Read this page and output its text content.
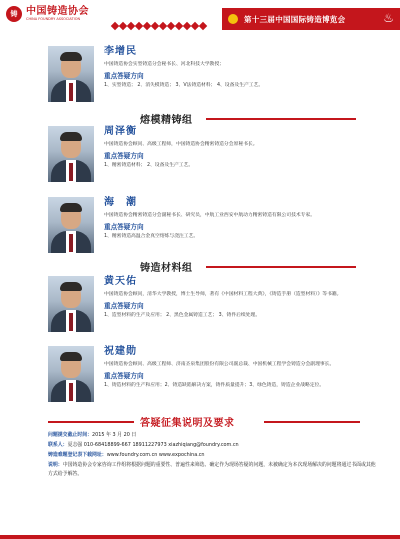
铸 中国铸造协会
CHINA FOUNDRY ASSOCIATION	第十三届中国国际铸造博览会	♨
李增民
中国铸造协会实型铸造分会秘书长、河北科技大学教授；
重点答疑方向
1、实型铸造； 2、消失模铸造； 3、V法铸造材料； 4、设备及生产工艺。
熔模精铸组
周泽衡
中国铸造协会顾问、高级工程师，中国铸造协会精密铸造分会原秘书长。
重点答疑方向
1、精密铸造材料； 2、设备及生产工艺。
海　潮
中国铸造协会精密铸造分会副秘书长、研究员，中航工业西安中航动力精密铸造有限公司技术专家。
重点答疑方向
1、精密铸造高温合金真空熔炼与浇注工艺。
铸造材料组
黄天佑
中国铸造协会顾问，清华大学教授，博士生导师，著有《中国材料工程大典》，《铸造手册（造型材料）》等书籍。
重点答疑方向
1、造型材料的生产及应用； 2、黑色金属铸造工艺； 3、铸件后续处理。
祝建勋
中国铸造协会顾问、高级工程师、济南圣泉集团股份有限公司副总裁、中国机械工程学会铸造分会副理事长。
重点答疑方向
1、铸造材料的生产和应用；2、铸造缺陷解决方案，铸件质量提升；3、绿色铸造，铸造企业战略定位。
答疑征集说明及要求
问题提交截止时间：2015 年 3 月 20 日
联系人：夏志强 010-68418899-667 18911227973 xiazhiqiang@foundry.com.cn
铸造难题登记表下载网址：www.foundry.com.cn www.expochina.cn
说明：中国铸造协会专家咨询工作组将根据问题的重要性、普遍性来筛选、确定作为现场答疑的问题，未被确定为本次现场解决的问题将通过书面或其他方式给予解答。
